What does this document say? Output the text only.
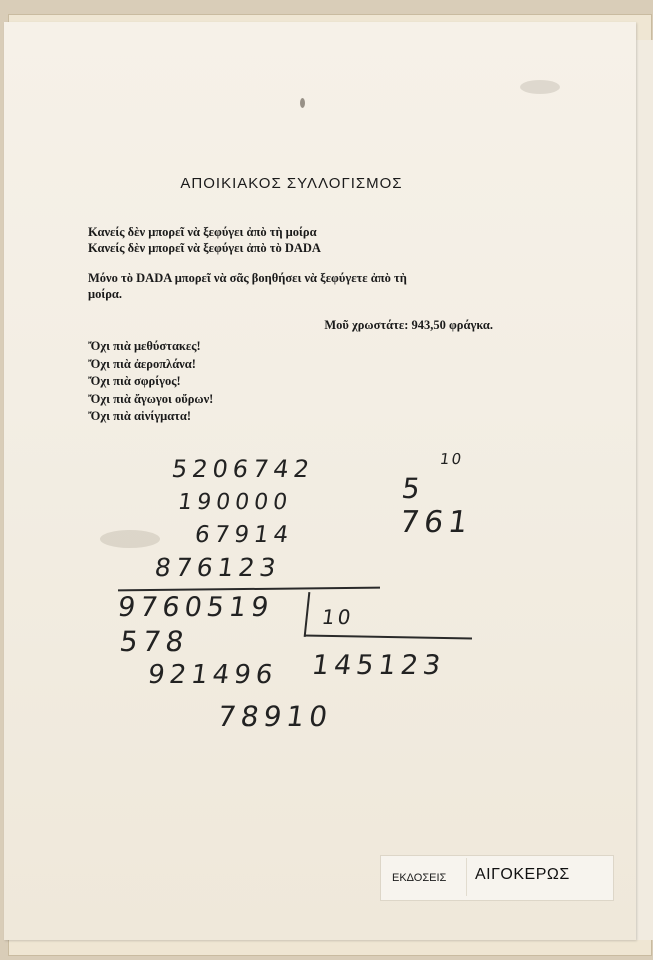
ΑΠΟΙΚΙΑΚΟΣ ΣΥΛΛΟΓΙΣΜΟΣ
Κανείς δὲν μπορεῖ νὰ ξεφύγει ἀπὸ τὴ μοίρα
Κανείς δὲν μπορεῖ νὰ ξεφύγει ἀπὸ τὸ DADA
Μόνο τὸ DADA μπορεῖ νὰ σᾶς βοηθήσει νὰ ξεφύγετε ἀπὸ τὴ
μοίρα.
Μοῦ χρωστάτε: 943,50 φράγκα.
Ὄχι πιὰ μεθύστακες!
Ὄχι πιὰ ἀεροπλάνα!
Ὄχι πιὰ σφρίγος!
Ὄχι πιὰ ἄγωγοι οὔρων!
Ὄχι πιὰ αἰνίγματα!
5206742
190000
67914
876123
5
10
761
9760519 10
578
921496 145123
78910
ΕΚΔΟΣΕΙΣ ΑΙΓΟΚΕΡΩΣ
